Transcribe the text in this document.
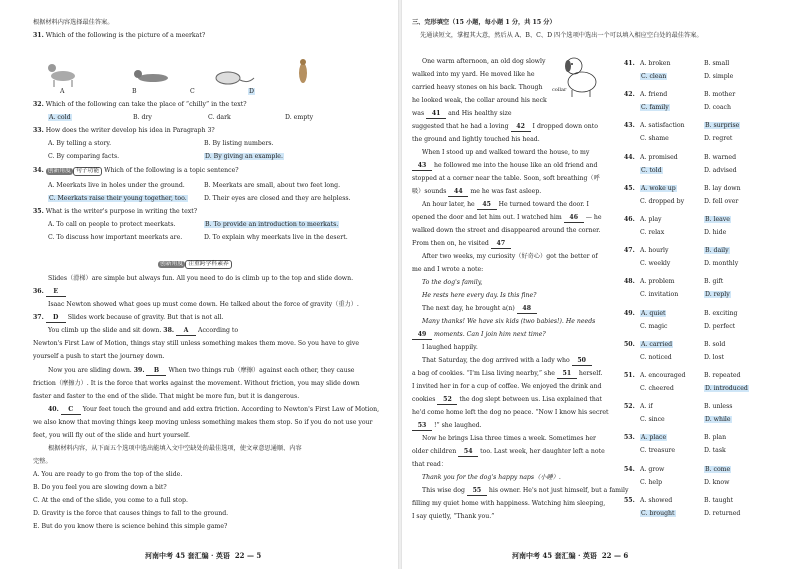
根据材料内容选择最佳答案。
31. Which of the following is the picture of a meerkat?
A	B	C	D
32. Which of the following can take the place of “chilly” in the text?
A. cold	B. dry	C. dark	D. empty
33. How does the writer develop his idea in Paragraph 3?
A. By telling a story.	B. By listing numbers.
C. By comparing facts.	D. By giving an example.
34. 创新角度 句子功能 Which of the following is a topic sentence?
A. Meerkats live in holes under the ground.	B. Meerkats are small, about two feet long.
C. Meerkats raise their young together, too.	D. Their eyes are closed and they are helpless.
35. What is the writer's purpose in writing the text?
A. To call on people to protect meerkats.	B. To provide an introduction to meerkats.
C. To discuss how important meerkats are.	D. To explain why meerkats live in the desert.
创新角度 注重跨学科素养
Slides（滑梯）are simple but always fun. All you need to do is climb up to the top and slide down.
36. E
Isaac Newton showed what goes up must come down. He talked about the force of gravity（重力）.
37. D Slides work because of gravity. But that is not all.
You climb up the slide and sit down. 38. A According to
Newton's First Law of Motion, things stay still unless something makes them move. So you have to give
yourself a push to start the journey down.
Now you are sliding down. 39. B When two things rub（摩擦）against each other, they cause
friction（摩擦力）. It is the force that works against the movement. Without friction, you may slide down
faster and faster to the end of the slide. That might be more fun, but it is dangerous.
40. C Your feet touch the ground and add extra friction. According to Newton's First Law of Motion,
we also know that moving things keep moving unless something makes them stop. So if you do not use your
feet, you will fly out of the slide and hurt yourself.
根据材料内容，从下面五个选项中选出能填入文中空缺处的最佳选项，使文章意思通顺、内容
完整。
A. You are ready to go from the top of the slide.
B. Do you feel you are slowing down a bit?
C. At the end of the slide, you come to a full stop.
D. Gravity is the force that causes things to fall to the ground.
E. But do you know there is science behind this simple game?
河南中考 45 套汇编 · 英语 22 — 5
三、完形填空（15 小题，每小题 1 分，共 15 分）
先通读短文，掌握其大意，然后从 A、B、C、D 四个选项中选出一个可以填入相应空白处的最佳答案。
One warm afternoon, an old dog slowly
walked into my yard. He moved like he
carried heavy stones on his back. Though
he looked weak, the collar around his neck
was 41 and His healthy size
suggested that he had a loving 42 I dropped down onto
the ground and lightly touched his head.
When I stood up and walked toward the house, to my
43 he followed me into the house like an old friend and
stopped at a corner near the table. Soon, soft breathing（呼
吸）sounds 44 me he was fast asleep.
An hour later, he 45 He turned toward the door. I
opened the door and let him out. I watched him 46 — he
walked down the street and disappeared around the corner.
From then on, he visited 47
After two weeks, my curiosity（好奇心）got the better of
me and I wrote a note:
To the dog's family,
He rests here every day. Is this fine?
The next day, he brought a(n) 48
Many thanks! We have six kids (two babies!). He needs
49 moments. Can I join him next time?
I laughed happily.
That Saturday, the dog arrived with a lady who 50
a bag of cookies. “I'm Lisa living nearby,” she 51 herself.
I invited her in for a cup of coffee. We enjoyed the drink and
cookies 52 the dog slept between us. Lisa explained that
he'd come home left the dog no peace. “Now I know his secret
53 !” she laughed.
Now he brings Lisa three times a week. Sometimes her
older children 54 too. Last week, her daughter left a note
that read：
Thank you for the dog's happy naps（小睡）.
This wise dog 55 his owner. He's not just himself, but a family
filling my quiet home with happiness. Watching him sleeping,
I say quietly, “Thank you.”
collar
41. A. broken	B. small
C. clean	D. simple
42. A. friend	B. mother
C. family	D. coach
43. A. satisfaction	B. surprise
C. shame	D. regret
44. A. promised	B. warned
C. told	D. advised
45. A. woke up	B. lay down
C. dropped by	D. fell over
46. A. play	B. leave
C. relax	D. hide
47. A. hourly	B. daily
C. weekly	D. monthly
48. A. problem	B. gift
C. invitation	D. reply
49. A. quiet	B. exciting
C. magic	D. perfect
50. A. carried	B. sold
C. noticed	D. lost
51. A. encouraged	B. repeated
C. cheered	D. introduced
52. A. if	B. unless
C. since	D. while
53. A. place	B. plan
C. treasure	D. task
54. A. grow	B. come
C. help	D. know
55. A. showed	B. taught
C. brought	D. returned
河南中考 45 套汇编 · 英语 22 — 6
